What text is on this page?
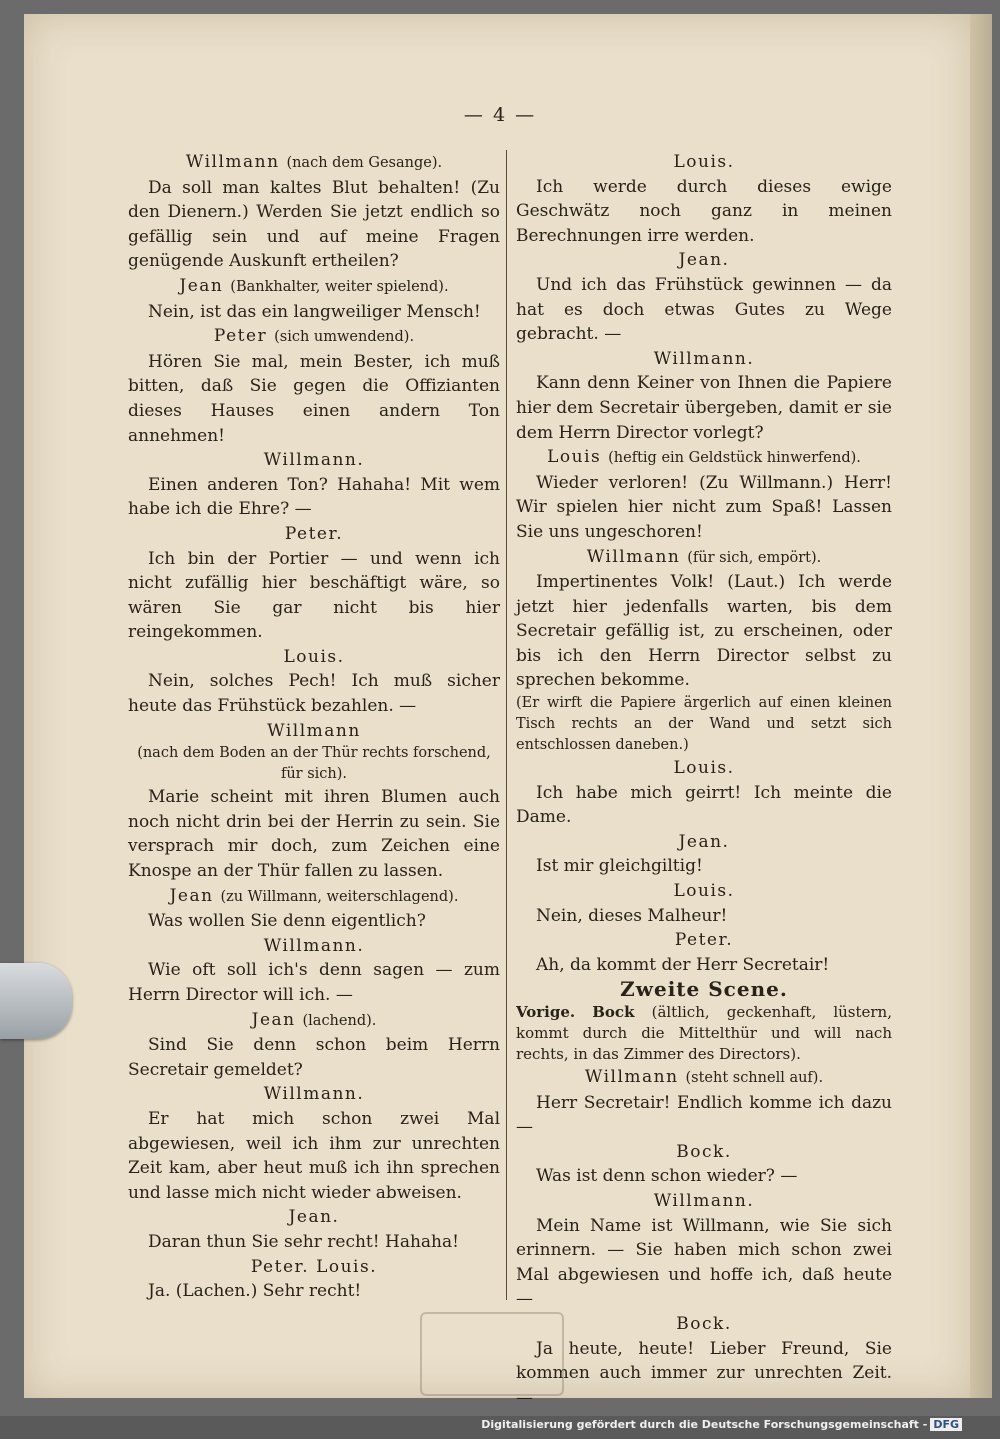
— 4 —
Willmann (nach dem Gesange).
Da soll man kaltes Blut behalten! (Zu den Dienern.) Werden Sie jetzt endlich so gefällig sein und auf meine Fragen genügende Auskunft ertheilen?
Jean (Bankhalter, weiter spielend).
Nein, ist das ein langweiliger Mensch!
Peter (sich umwendend).
Hören Sie mal, mein Bester, ich muß bitten, daß Sie gegen die Offizianten dieses Hauses einen andern Ton annehmen!
Willmann.
Einen anderen Ton? Hahaha! Mit wem habe ich die Ehre? —
Peter.
Ich bin der Portier — und wenn ich nicht zufällig hier beschäftigt wäre, so wären Sie gar nicht bis hier reingekommen.
Louis.
Nein, solches Pech! Ich muß sicher heute das Frühstück bezahlen. —
Willmann
(nach dem Boden an der Thür rechts forschend, für sich).
Marie scheint mit ihren Blumen auch noch nicht drin bei der Herrin zu sein. Sie versprach mir doch, zum Zeichen eine Knospe an der Thür fallen zu lassen.
Jean (zu Willmann, weiterschlagend).
Was wollen Sie denn eigentlich?
Willmann.
Wie oft soll ich's denn sagen — zum Herrn Director will ich. —
Jean (lachend).
Sind Sie denn schon beim Herrn Secretair gemeldet?
Willmann.
Er hat mich schon zwei Mal abgewiesen, weil ich ihm zur unrechten Zeit kam, aber heut muß ich ihn sprechen und lasse mich nicht wieder abweisen.
Jean.
Daran thun Sie sehr recht! Hahaha!
Peter. Louis.
Ja. (Lachen.) Sehr recht!
Louis.
Ich werde durch dieses ewige Geschwätz noch ganz in meinen Berechnungen irre werden.
Jean.
Und ich das Frühstück gewinnen — da hat es doch etwas Gutes zu Wege gebracht. —
Willmann.
Kann denn Keiner von Ihnen die Papiere hier dem Secretair übergeben, damit er sie dem Herrn Director vorlegt?
Louis (heftig ein Geldstück hinwerfend).
Wieder verloren! (Zu Willmann.) Herr! Wir spielen hier nicht zum Spaß! Lassen Sie uns ungeschoren!
Willmann (für sich, empört).
Impertinentes Volk! (Laut.) Ich werde jetzt hier jedenfalls warten, bis dem Secretair gefällig ist, zu erscheinen, oder bis ich den Herrn Director selbst zu sprechen bekomme.
(Er wirft die Papiere ärgerlich auf einen kleinen Tisch rechts an der Wand und setzt sich entschlossen daneben.)
Louis.
Ich habe mich geirrt! Ich meinte die Dame.
Jean.
Ist mir gleichgiltig!
Louis.
Nein, dieses Malheur!
Peter.
Ah, da kommt der Herr Secretair!
Zweite Scene.
Vorige. Bock (ältlich, geckenhaft, lüstern, kommt durch die Mittelthür und will nach rechts, in das Zimmer des Directors).
Willmann (steht schnell auf).
Herr Secretair! Endlich komme ich dazu —
Bock.
Was ist denn schon wieder? —
Willmann.
Mein Name ist Willmann, wie Sie sich erinnern. — Sie haben mich schon zwei Mal abgewiesen und hoffe ich, daß heute —
Bock.
Ja heute, heute! Lieber Freund, Sie kommen auch immer zur unrechten Zeit. —
Digitalisierung gefördert durch die Deutsche Forschungsgemeinschaft - DFG
